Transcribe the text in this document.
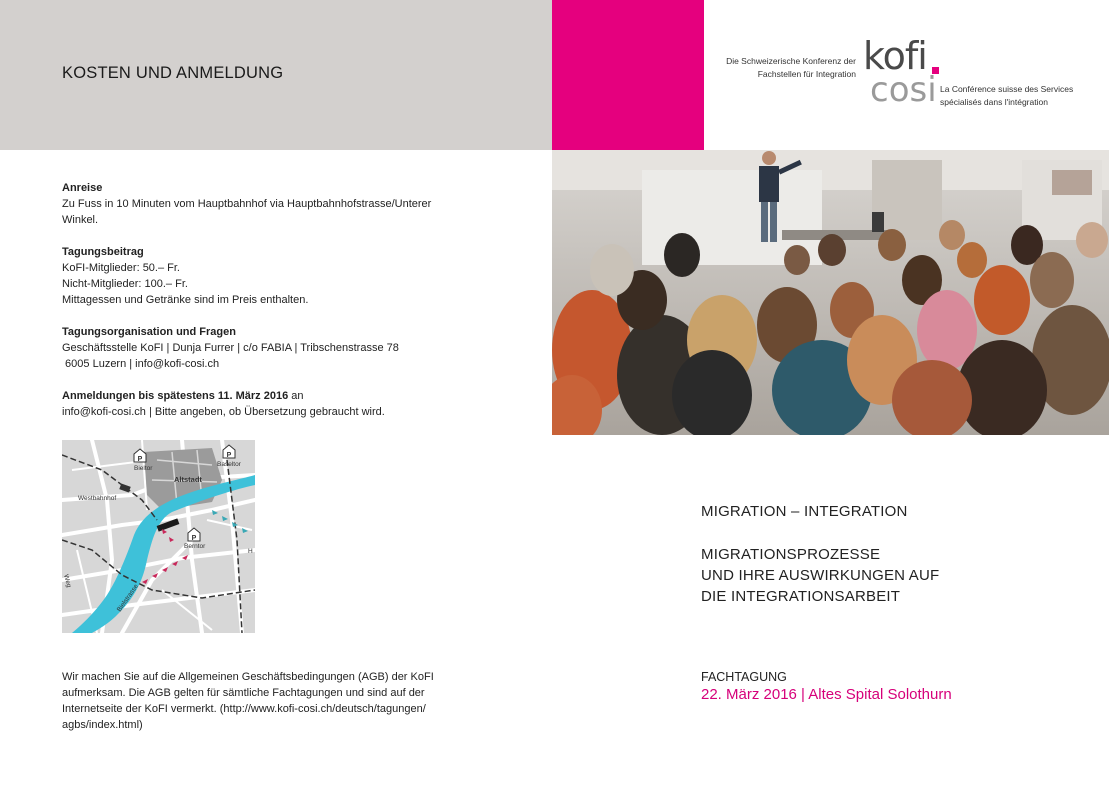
KOSTEN UND ANMELDUNG
Die Schweizerische Konferenz der
Fachstellen für Integration kofi
cosi La Conférence suisse des Services
spécialisés dans l'intégration
Anreise
Zu Fuss in 10 Minuten vom Hauptbahnhof via Hauptbahnhofstrasse/Unterer
Winkel.
Tagungsbeitrag
KoFI-Mitglieder: 50.– Fr.
Nicht-Mitglieder: 100.– Fr.
Mittagessen und Getränke sind im Preis enthalten.
Tagungsorganisation und Fragen
Geschäftsstelle KoFI | Dunja Furrer | c/o FABIA | Tribschenstrasse 78
6005 Luzern | info@kofi-cosi.ch
Anmeldungen bis spätestens 11. März 2016 an
info@kofi-cosi.ch | Bitte angeben, ob Übersetzung gebraucht wird.
P
P
P
Bieltor
Baseltor
Altstadt
Westbahnhof
Berntor
H
Bielstrasse
Weg
Wir machen Sie auf die Allgemeinen Geschäftsbedingungen (AGB) der KoFI
aufmerksam. Die AGB gelten für sämtliche Fachtagungen und sind auf der
Internetseite der KoFI vermerkt. (http://www.kofi-cosi.ch/deutsch/tagungen/
agbs/index.html)
MIGRATION – INTEGRATION
MIGRATIONSPROZESSE
UND IHRE AUSWIRKUNGEN AUF
DIE INTEGRATIONSARBEIT
FACHTAGUNG
22. März 2016 | Altes Spital Solothurn
